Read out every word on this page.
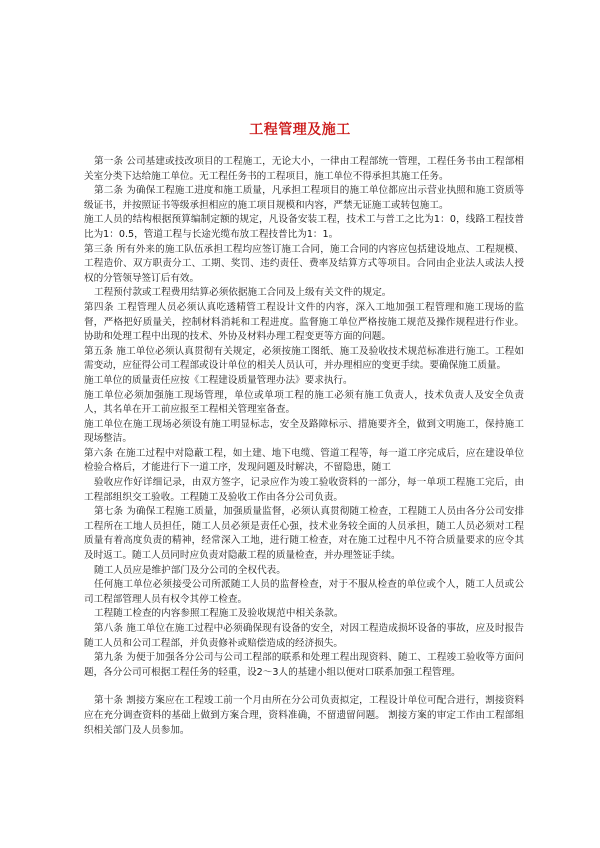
工程管理及施工

第一条 公司基建或技改项目的工程施工，无论大小，一律由工程部统一管理，工程任务书由工程部相关室分类下达给施工单位。无工程任务书的工程项目，施工单位不得承担其施工任务。

第二条 为确保工程施工进度和施工质量，凡承担工程项目的施工单位都应出示营业执照和施工资质等级证书，并按照证书等级承担相应的施工项目规模和内容，严禁无证施工或转包施工。

施工人员的结构根据预算编制定额的规定，凡设备安装工程，技术工与普工之比为1：0，线路工程技普比为1：0.5，管道工程与长途光缆布放工程技普比为1：1。

第三条 所有外来的施工队伍承担工程均应签订施工合同，施工合同的内容应包括建设地点、工程规模、工程造价、双方职责分工、工期、奖罚、违约责任、费率及结算方式等项目。合同由企业法人或法人授权的分管领导签订后有效。

工程预付款或工程费用结算必须依据施工合同及上级有关文件的规定。

第四条 工程管理人员必须认真吃透精管工程设计文件的内容，深入工地加强工程管理和施工现场的监督，严格把好质量关，控制材料消耗和工程进度。监督施工单位严格按施工规范及操作规程进行作业。协助和处理工程中出现的技术、外协及材料办理工程变更等方面的问题。

第五条 施工单位必须认真贯彻有关规定，必须按施工图纸、施工及验收技术规范标准进行施工。工程如需变动，应征得公司工程部或设计单位的相关人员认可，并办理相应的变更手续。要确保施工质量。

施工单位的质量责任应按《工程建设质量管理办法》要求执行。

施工单位必须加强施工现场管理，单位或单项工程的施工必须有施工负责人，技术负责人及安全负责人，其名单在开工前应报至工程相关管理室备查。

施工单位在施工现场必须设有施工明显标志，安全及路障标示、措施要齐全，做到文明施工，保持施工现场整洁。

第六条 在施工过程中对隐蔽工程，如土建、地下电缆、管道工程等，每一道工序完成后，应在建设单位检验合格后，才能进行下一道工序，发现问题及时解决，不留隐患，随工

验收应作好详细记录，由双方签字，记录应作为竣工验收资料的一部分，每一单项工程施工完后，由工程部组织交工验收。工程随工及验收工作由各分公司负责。

第七条 为确保工程施工质量，加强质量监督，必须认真贯彻随工检查，工程随工人员由各分公司安排工程所在工地人员担任，随工人员必须是责任心强，技术业务较全面的人员承担，随工人员必须对工程质量有着高度负责的精神，经常深入工地，进行随工检查，对在施工过程中凡不符合质量要求的应令其及时返工。随工人员同时应负责对隐蔽工程的质量检查，并办理签证手续。

随工人员应是维护部门及分公司的全权代表。

任何施工单位必须接受公司所派随工人员的监督检查，对于不服从检查的单位或个人，随工人员或公司工程部管理人员有权令其停工检查。

工程随工检查的内容参照工程施工及验收规范中相关条款。

第八条 施工单位在施工过程中必须确保现有设备的安全，对因工程造成损坏设备的事故，应及时报告随工人员和公司工程部，并负责修补或赔偿造成的经济损失。

第九条 为便于加强各分公司与公司工程部的联系和处理工程出现资料、随工、工程竣工验收等方面问题，各分公司可根据工程任务的轻重，设2～3人的基建小组以便对口联系加强工程管理。

第十条 割接方案应在工程竣工前一个月由所在分公司负责拟定，工程设计单位可配合进行，割接资料应在充分调查资料的基础上做到方案合理，资料准确，不留遗留问题。 割接方案的审定工作由工程部组织相关部门及人员参加。
